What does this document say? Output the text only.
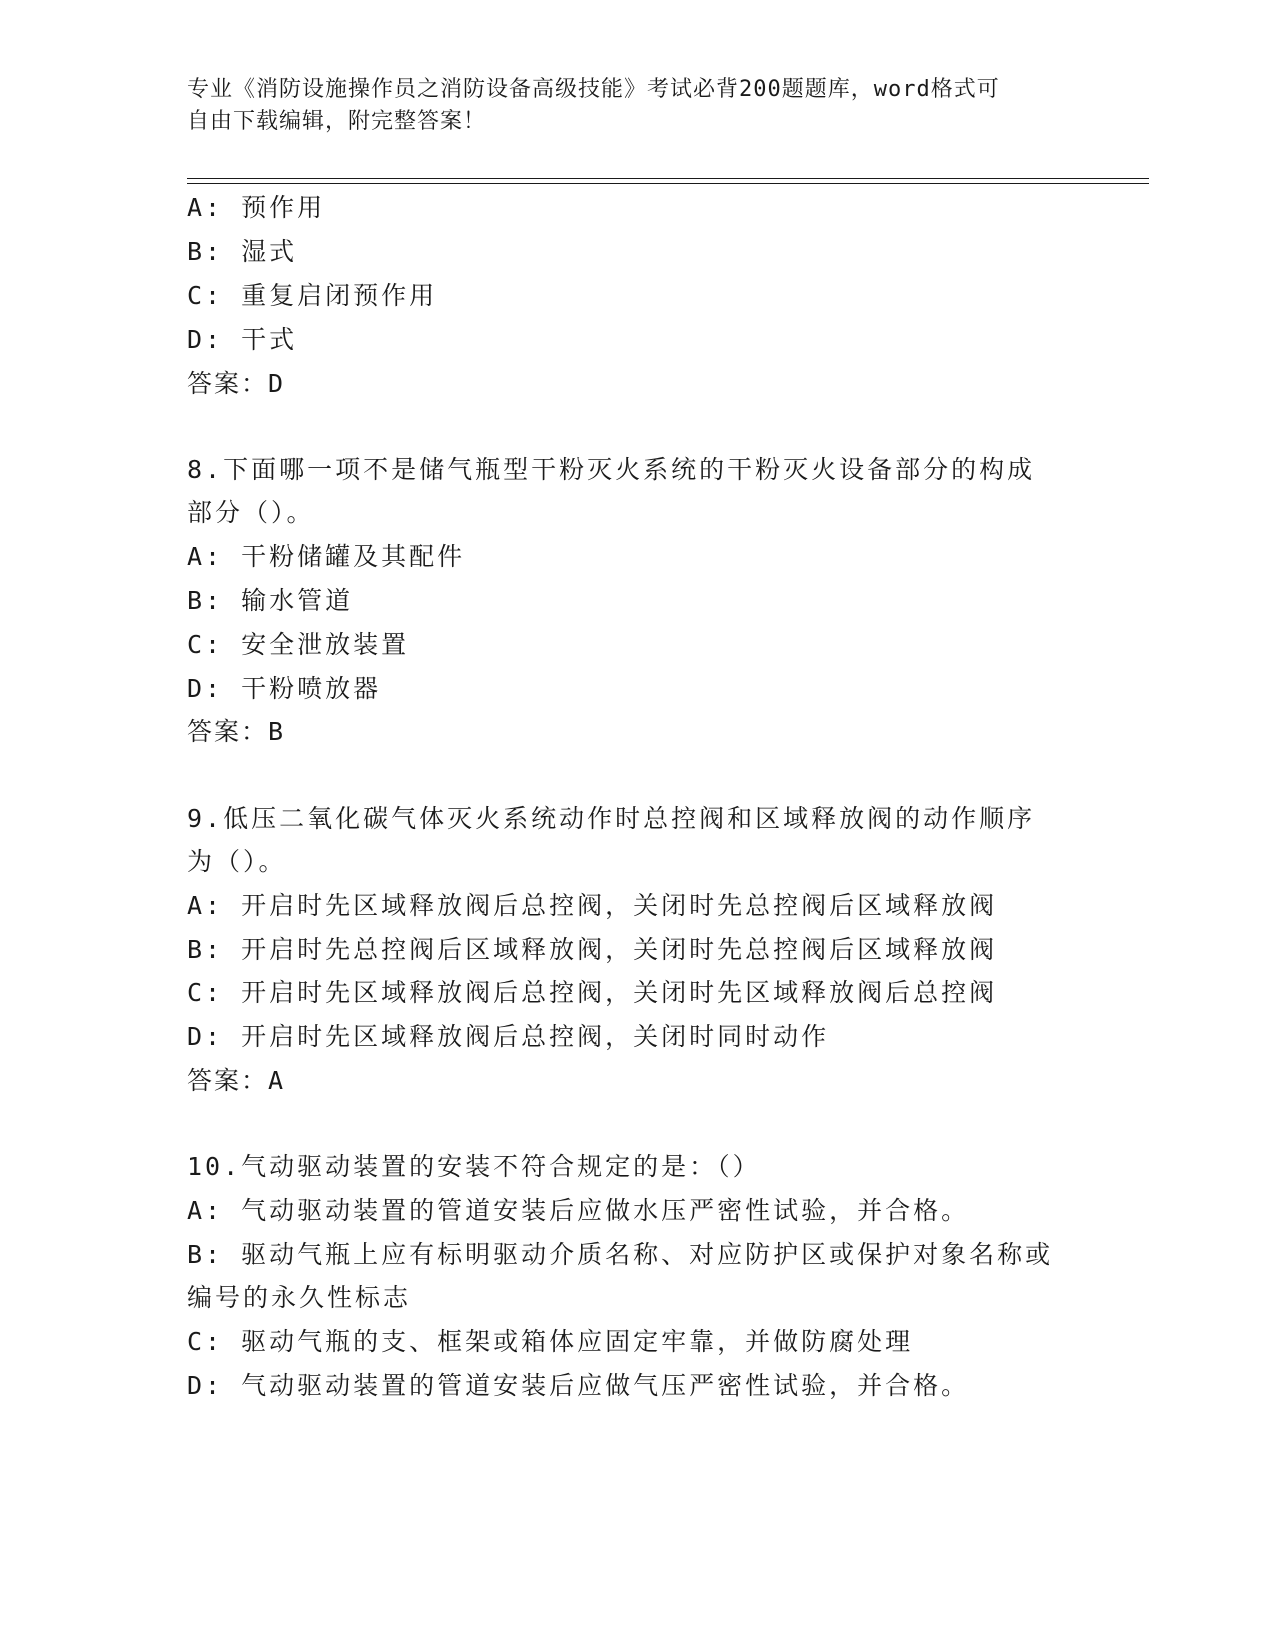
专业《消防设施操作员之消防设备高级技能》考试必背200题题库，word格式可
自由下载编辑，附完整答案！
A: 预作用
B: 湿式
C: 重复启闭预作用
D: 干式
答案：D
8.下面哪一项不是储气瓶型干粉灭火系统的干粉灭火设备部分的构成
部分（）。
A: 干粉储罐及其配件
B: 输水管道
C: 安全泄放装置
D: 干粉喷放器
答案：B
9.低压二氧化碳气体灭火系统动作时总控阀和区域释放阀的动作顺序
为（）。
A: 开启时先区域释放阀后总控阀，关闭时先总控阀后区域释放阀
B: 开启时先总控阀后区域释放阀，关闭时先总控阀后区域释放阀
C: 开启时先区域释放阀后总控阀，关闭时先区域释放阀后总控阀
D: 开启时先区域释放阀后总控阀，关闭时同时动作
答案：A
10.气动驱动装置的安装不符合规定的是：（）
A: 气动驱动装置的管道安装后应做水压严密性试验，并合格。
B: 驱动气瓶上应有标明驱动介质名称、对应防护区或保护对象名称或
编号的永久性标志
C: 驱动气瓶的支、框架或箱体应固定牢靠，并做防腐处理
D: 气动驱动装置的管道安装后应做气压严密性试验，并合格。
